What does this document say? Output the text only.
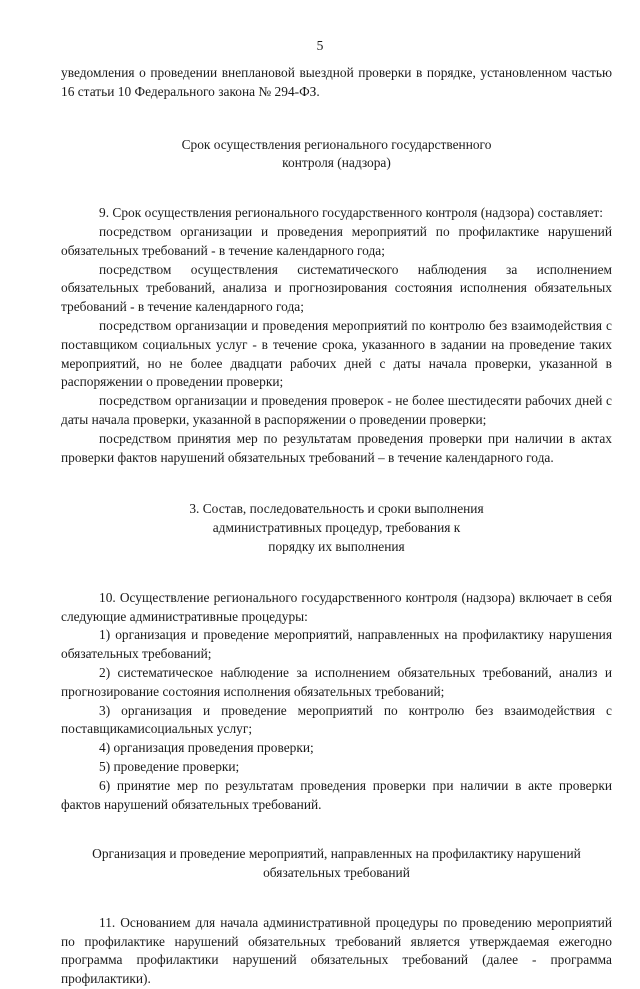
5

уведомления о проведении внеплановой выездной проверки в порядке, установленном частью 16 статьи 10 Федерального закона № 294-ФЗ.

Срок осуществления регионального государственного
контроля (надзора)

9. Срок осуществления регионального государственного контроля (надзора) составляет:

посредством организации и проведения мероприятий по профилактике нарушений обязательных требований - в течение календарного года;

посредством осуществления систематического наблюдения за исполнением обязательных требований, анализа и прогнозирования состояния исполнения обязательных требований - в течение календарного года;

посредством организации и проведения мероприятий по контролю без взаимодействия с поставщиком социальных услуг - в течение срока, указанного в задании на проведение таких мероприятий, но не более двадцати рабочих дней с даты начала проверки, указанной в распоряжении о проведении проверки;

посредством организации и проведения проверок - не более шестидесяти рабочих дней с даты начала проверки, указанной в распоряжении о проведении проверки;

посредством принятия мер по результатам проведения проверки при наличии в актах проверки фактов нарушений обязательных требований – в течение календарного года.

3. Состав, последовательность и сроки выполнения
административных процедур, требования к
порядку их выполнения

10. Осуществление регионального государственного контроля (надзора) включает в себя следующие административные процедуры:

1) организация и проведение мероприятий, направленных на профилактику нарушения обязательных требований;

2) систематическое наблюдение за исполнением обязательных требований, анализ и прогнозирование состояния исполнения обязательных требований;

3) организация и проведение мероприятий по контролю без взаимодействия с поставщикамисоциальных услуг;

4) организация проведения проверки;

5) проведение проверки;

6) принятие мер по результатам проведения проверки при наличии в акте проверки фактов нарушений обязательных требований.

Организация и проведение мероприятий, направленных на профилактику нарушений
обязательных требований

11. Основанием для начала административной процедуры по проведению мероприятий по профилактике нарушений обязательных требований является утверждаемая ежегодно программа профилактики нарушений обязательных требований (далее - программа профилактики).
